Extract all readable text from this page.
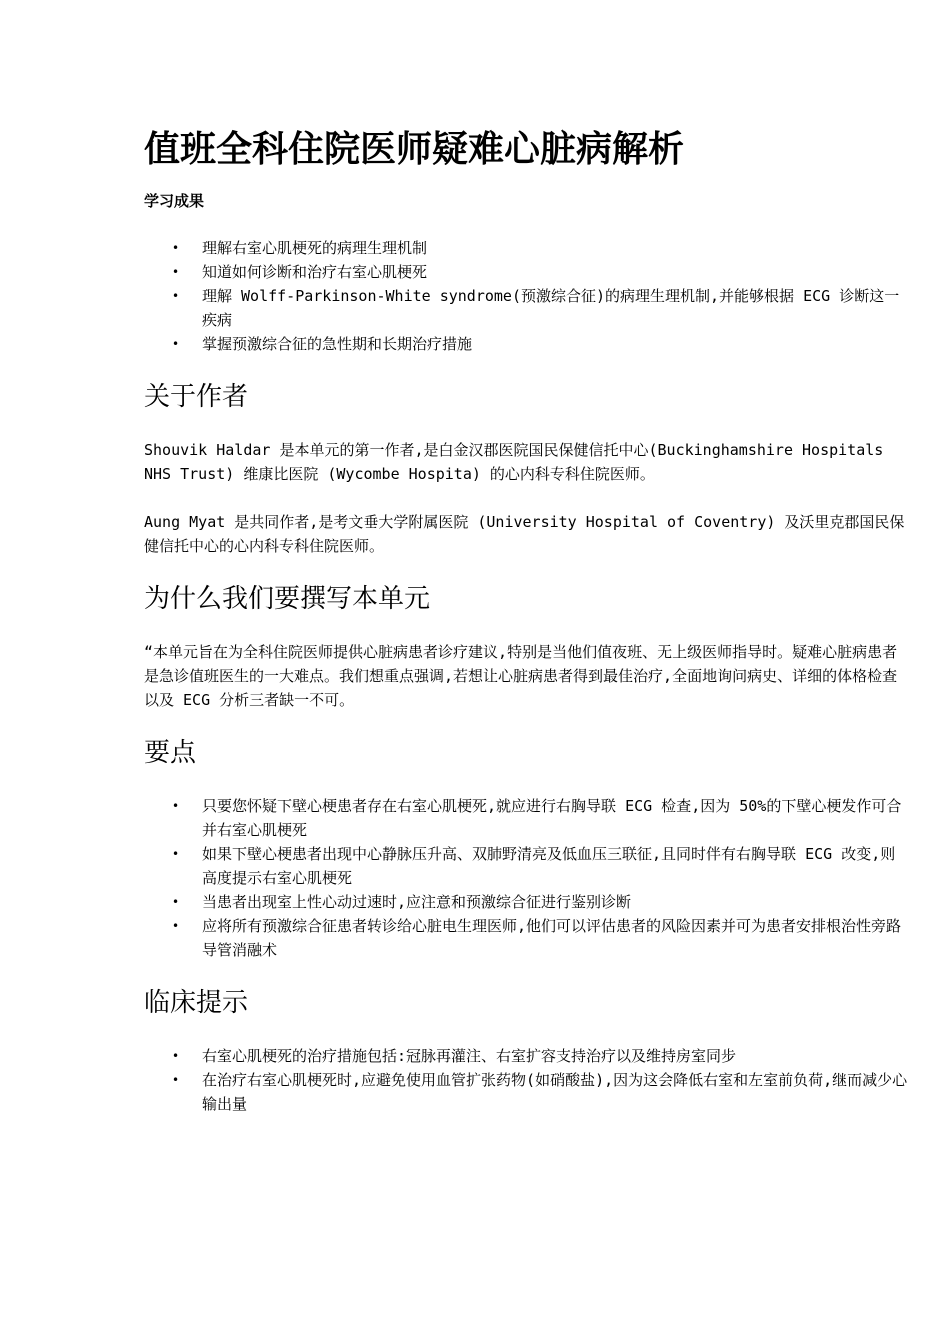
值班全科住院医师疑难心脏病解析
学习成果
• 理解右室心肌梗死的病理生理机制
• 知道如何诊断和治疗右室心肌梗死
• 理解 Wolff-Parkinson-White syndrome(预激综合征)的病理生理机制,并能够根据 ECG 诊断这一疾病
• 掌握预激综合征的急性期和长期治疗措施
关于作者

Shouvik Haldar 是本单元的第一作者,是白金汉郡医院国民保健信托中心(Buckinghamshire Hospitals NHS Trust) 维康比医院 (Wycombe Hospita) 的心内科专科住院医师。

Aung Myat 是共同作者,是考文垂大学附属医院 (University Hospital of Coventry) 及沃里克郡国民保健信托中心的心内科专科住院医师。

为什么我们要撰写本单元

“本单元旨在为全科住院医师提供心脏病患者诊疗建议,特别是当他们值夜班、无上级医师指导时。疑难心脏病患者是急诊值班医生的一大难点。我们想重点强调,若想让心脏病患者得到最佳治疗,全面地询问病史、详细的体格检查以及 ECG 分析三者缺一不可。

要点
• 只要您怀疑下壁心梗患者存在右室心肌梗死,就应进行右胸导联 ECG 检查,因为 50%的下壁心梗发作可合并右室心肌梗死
• 如果下壁心梗患者出现中心静脉压升高、双肺野清亮及低血压三联征,且同时伴有右胸导联 ECG 改变,则高度提示右室心肌梗死
• 当患者出现室上性心动过速时,应注意和预激综合征进行鉴别诊断
• 应将所有预激综合征患者转诊给心脏电生理医师,他们可以评估患者的风险因素并可为患者安排根治性旁路导管消融术
临床提示
• 右室心肌梗死的治疗措施包括:冠脉再灌注、右室扩容支持治疗以及维持房室同步
• 在治疗右室心肌梗死时,应避免使用血管扩张药物(如硝酸盐),因为这会降低右室和左室前负荷,继而减少心输出量
